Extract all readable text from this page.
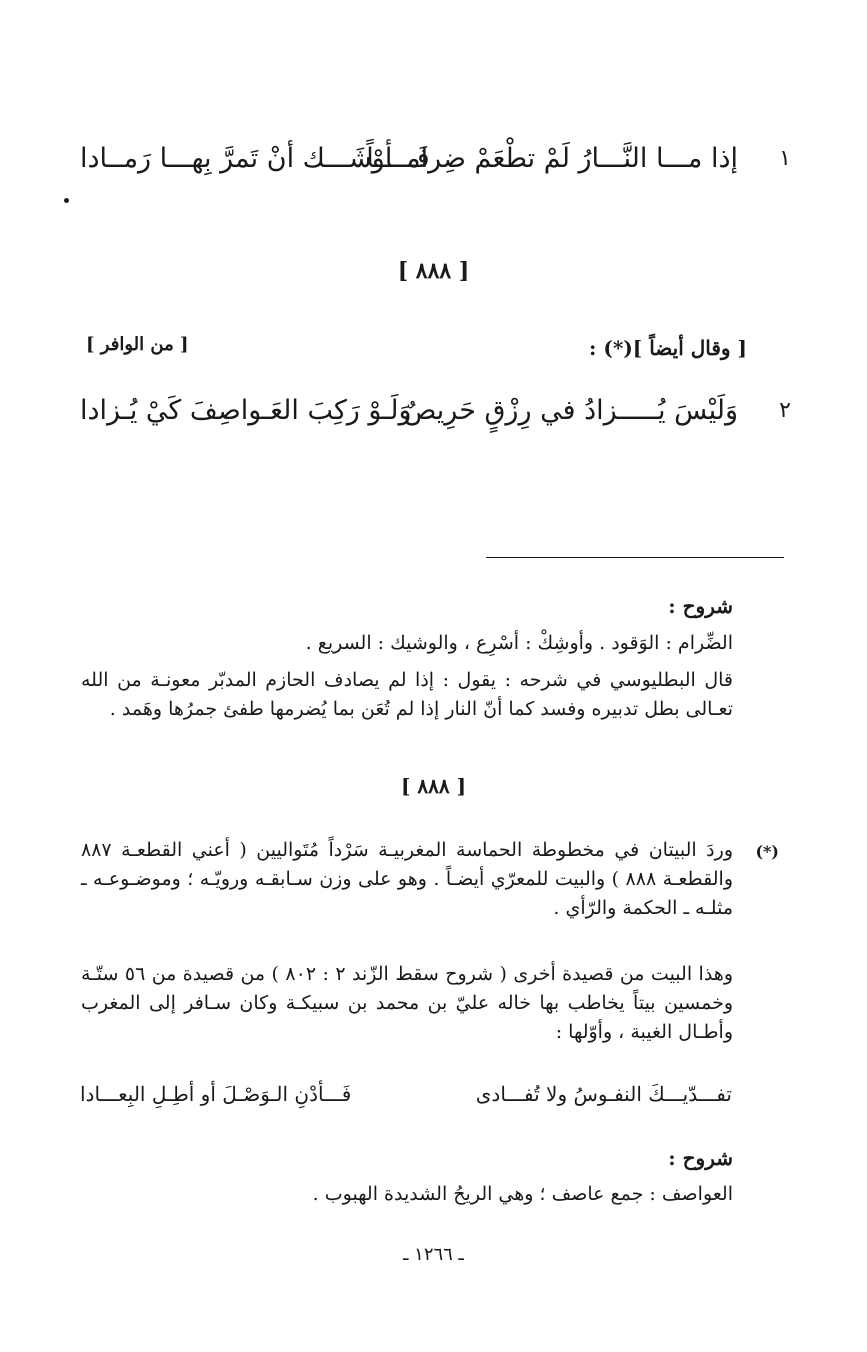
١
إذا مـــا النَّـــارُ لَمْ تطْعَمْ ضِرامــــاً
فَـــأوْشَـــك أنْ تَمرَّ بِهـــا رَمــادا
[ ٨٨٨ ]
[ وقال أيضاً ](*) :
[ من الوافر ]
٢
وَلَيْسَ يُـــــزادُ في رِزْقٍ حَرِيصٌ
وَلَـوْ رَكِبَ العَـواصِفَ كَيْ يُـزادا
شروح :
الضِّرام : الوَقود . وأوشِكْ : أسْرِع ، والوشيك : السريع .
قال البطليوسي في شرحه : يقول : إذا لم يصادف الحازم المدبّر معونـة من الله تعـالى بطل تدبيره وفسد كما أنّ النار إذا لم تُعَن بما يُضرمها طفئ جمرُها وهَمد .
[ ٨٨٨ ]
(*)
وردَ البيتان في مخطوطة الحماسة المغربيـة سَرْداً مُتَواليين ( أعني القطعـة ٨٨٧ والقطعـة ٨٨٨ ) والبيت للمعرّي أيضـاً . وهو على وزن سـابقـه ورويّـه ؛ وموضـوعـه ـ مثلـه ـ الحكمة والرّأي .
وهذا البيت من قصيدة أخرى ( شروح سقط الزّند ٢ : ٨٠٢ ) من قصيدة من ٥٦ ستّـة وخمسين بيتاً يخاطب بها خاله عليّ بن محمد بن سبيكـة وكان سـافر إلى المغرب وأطـال الغيبة ، وأوّلها :
تفـــدّيـــكَ النفـوسُ ولا تُفـــادى
فَـــأدْنِ الـوَصْـلَ أو أطِـلِ البِعـــادا
شروح :
العواصف : جمع عاصف ؛ وهي الريحُ الشديدة الهبوب .
ـ ١٢٦٦ ـ
